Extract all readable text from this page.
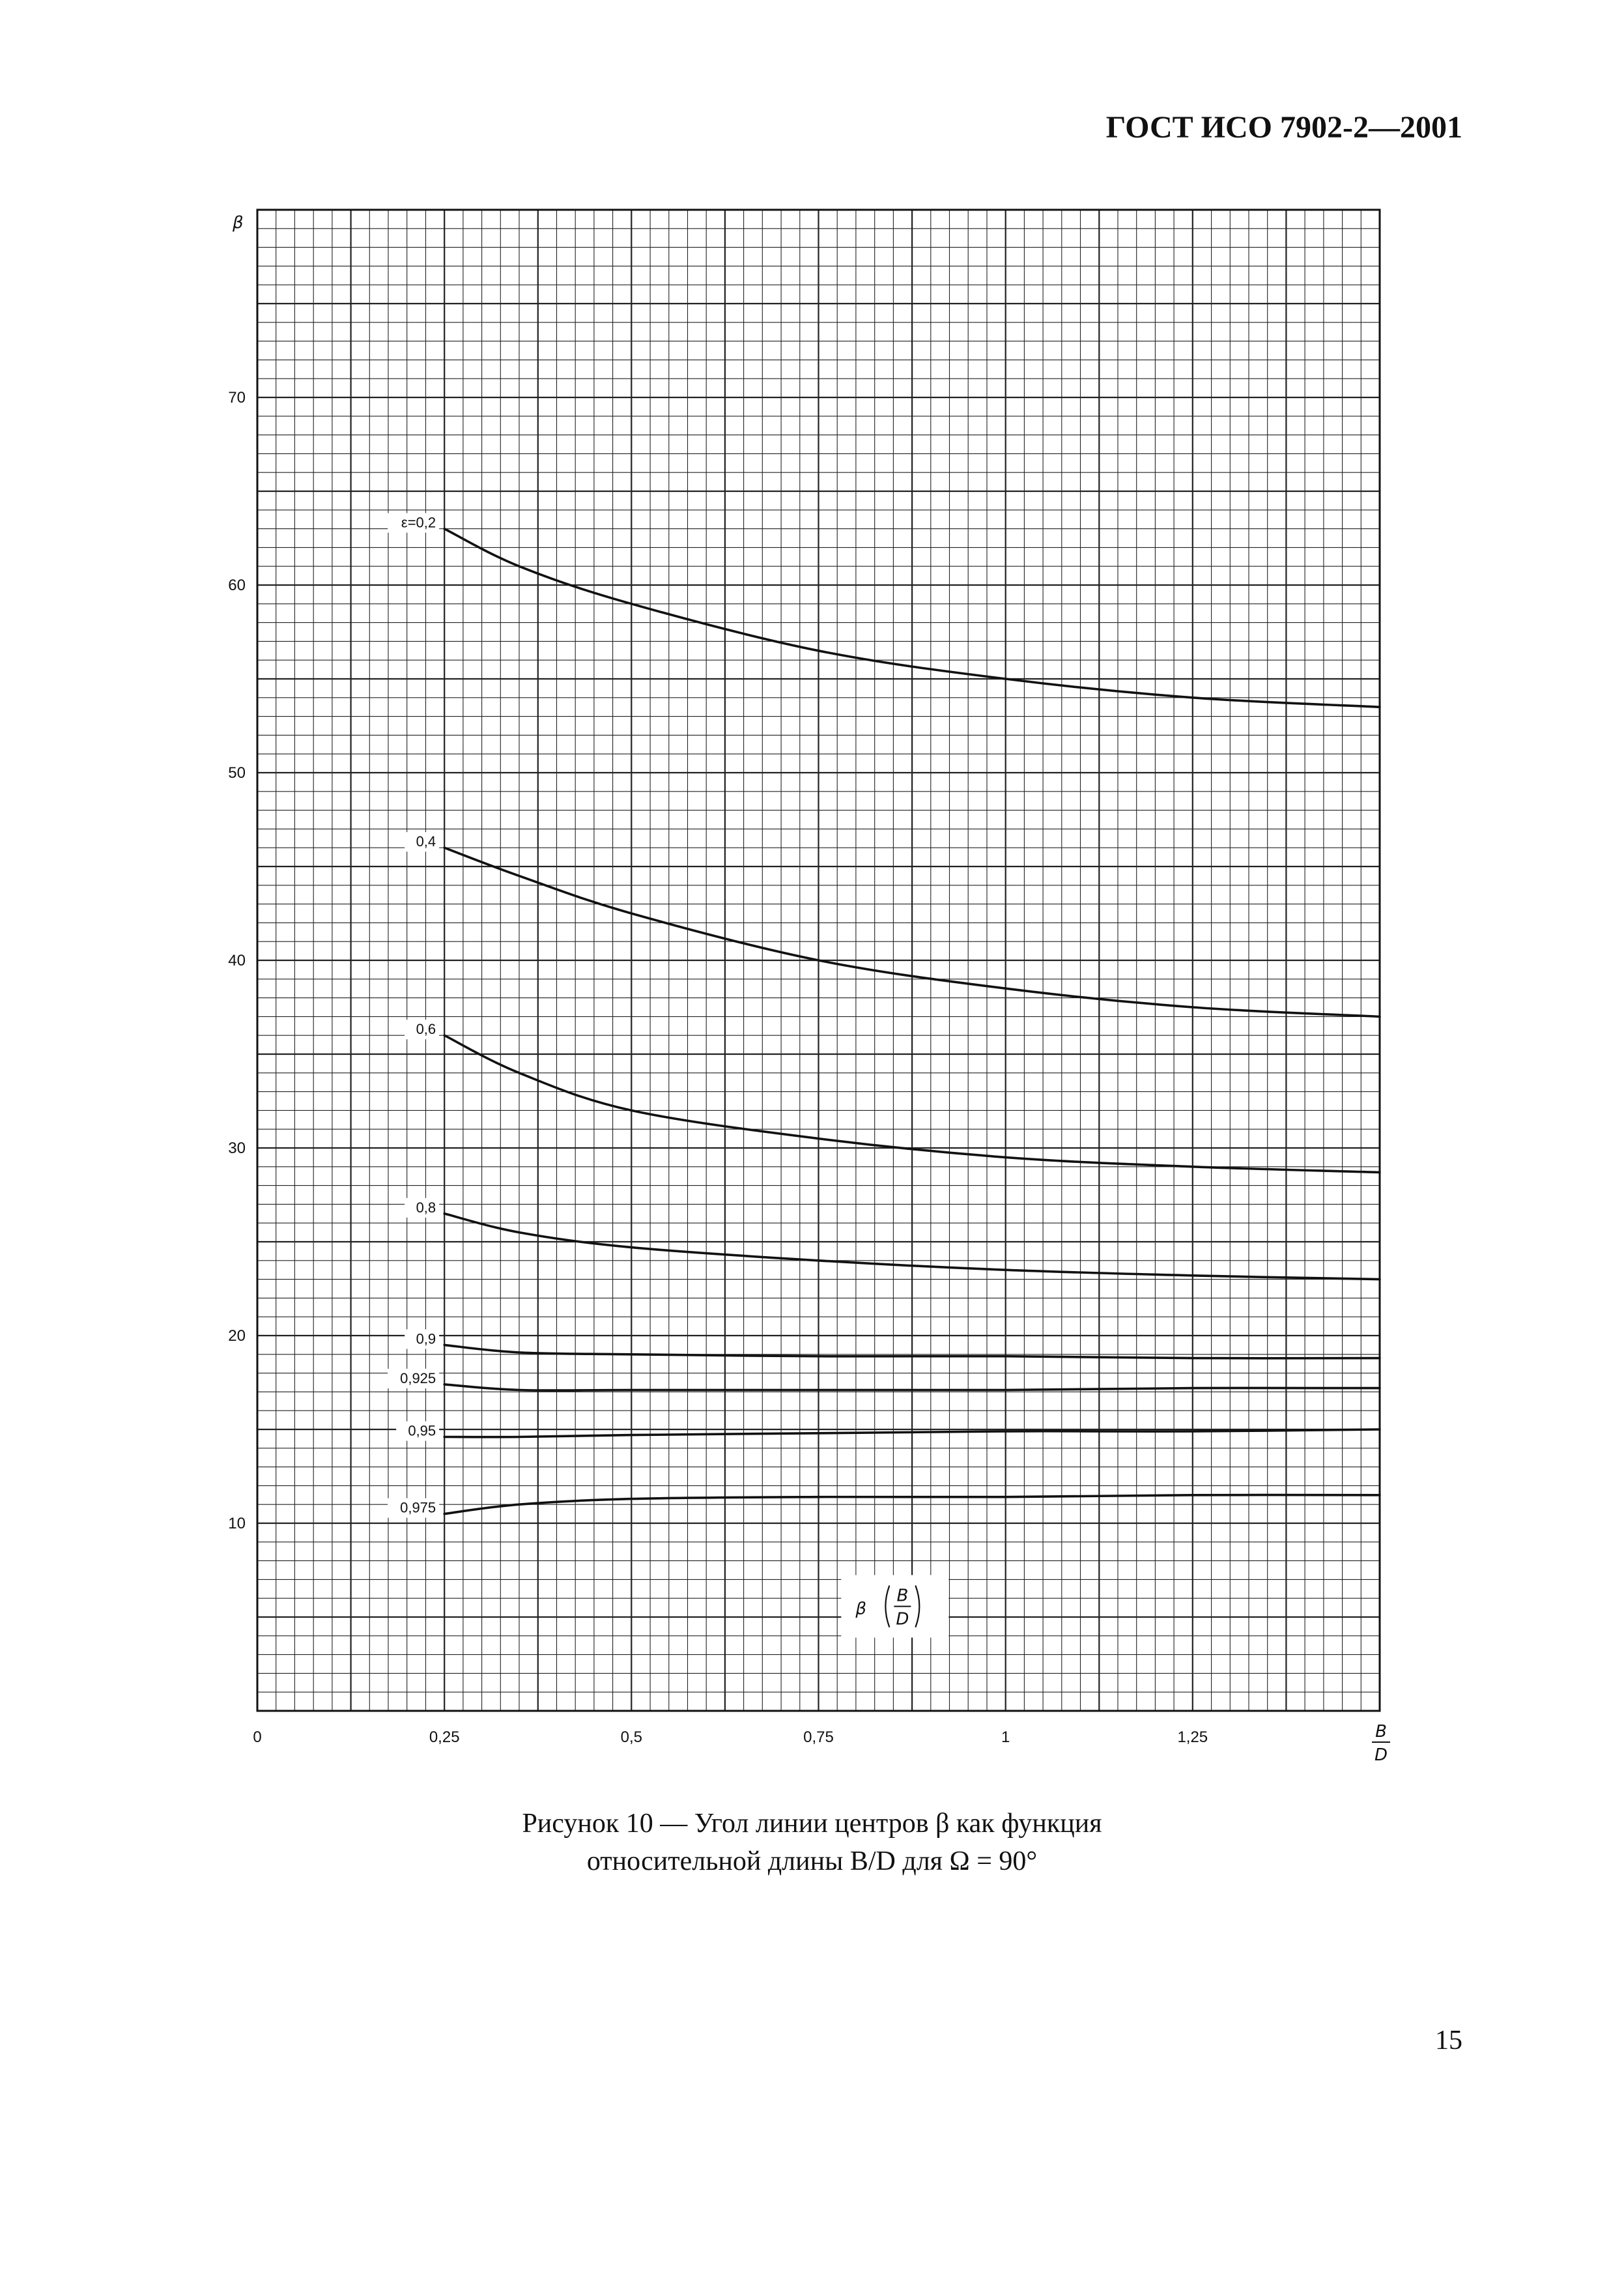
ГОСТ ИСО 7902-2—2001
ε=0,2
0,4
0,6
0,8
0,9
0,925
0,95
0,975
0	0,25	0,5	0,75	1	1,25
10
20
30
40
50
60
70
β
B
D
β
B
D
Рисунок 10 — Угол линии центров β как функция
относительной длины B/D для Ω = 90°
15
